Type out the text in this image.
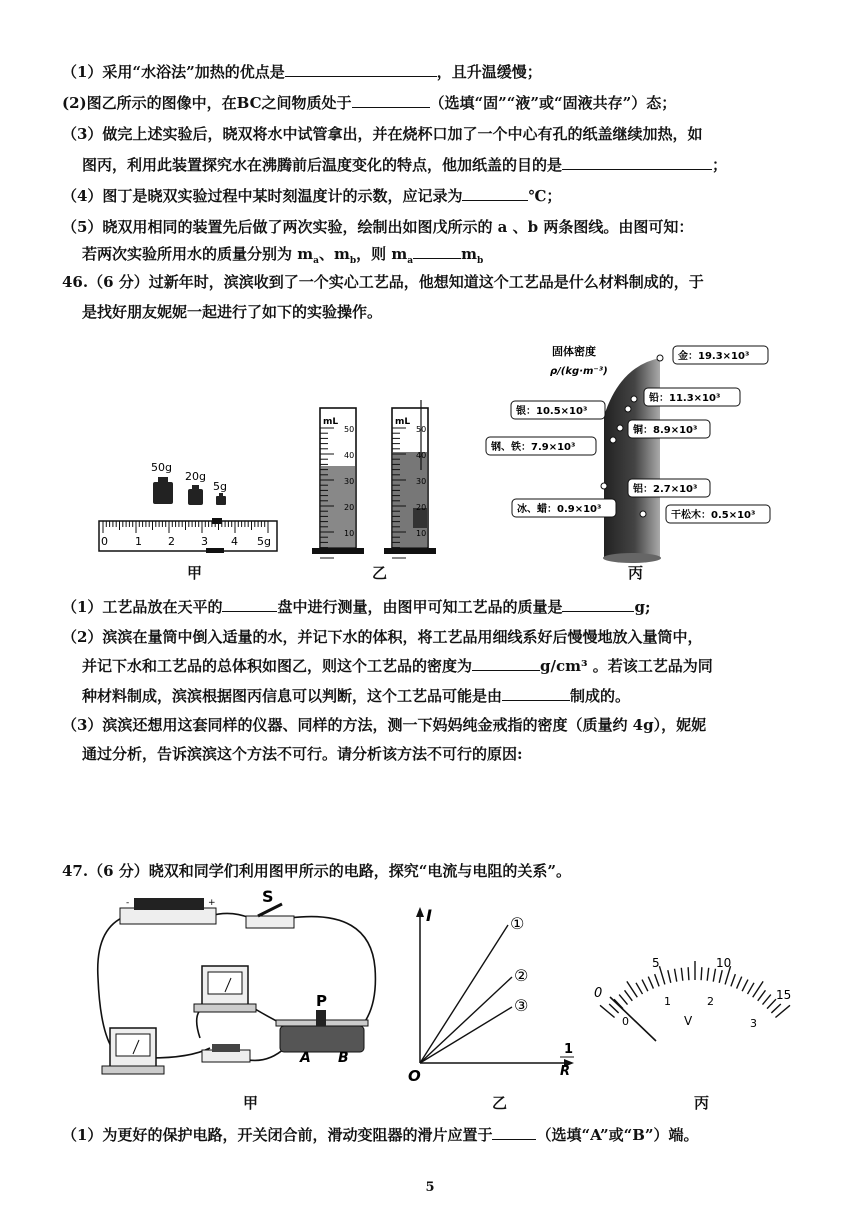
（1）采用“水浴法”加热的优点是	，且升温缓慢；
(2)图乙所示的图像中，在BC之间物质处于	（选填“固”“液”或“固液共存”）态；
（3）做完上述实验后，晓双将水中试管拿出，并在烧杯口加了一个中心有孔的纸盖继续加热，如
图丙，利用此装置探究水在沸腾前后温度变化的特点，他加纸盖的目的是	；
（4）图丁是晓双实验过程中某时刻温度计的示数，应记录为	℃；
（5）晓双用相同的装置先后做了两次实验，绘制出如图戊所示的 a 、b 两条图线。由图可知：
若两次实验所用水的质量分别为 $m_a$、$m_b$，则 $m_a$	$m_b$
46.（6 分）过新年时，滨滨收到了一个实心工艺品，他想知道这个工艺品是什么材料制成的，于
是找好朋友妮妮一起进行了如下的实验操作。
50g
20g
5g
0 1 2 3 4 5g
甲
mL	mL
50
40
30
20
10
50
40
30
20
10
乙
固体密度
ρ/(kg·m⁻³)
金：19.3×10³
铅：11.3×10³
银：10.5×10³
铜：8.9×10³
钢、铁：7.9×10³
铝：2.7×10³
冰、蜡：0.9×10³
干松木：0.5×10³
丙
（1）工艺品放在天平的	盘中进行测量，由图甲可知工艺品的质量是	g;
（2）滨滨在量筒中倒入适量的水，并记下水的体积，将工艺品用细线系好后慢慢地放入量筒中，
并记下水和工艺品的总体积如图乙，则这个工艺品的密度为	g/cm³ 。若该工艺品为同
种材料制成，滨滨根据图丙信息可以判断，这个工艺品可能是由	制成的。
（3）滨滨还想用这套同样的仪器、同样的方法，测一下妈妈纯金戒指的密度（质量约 4g），妮妮
通过分析，告诉滨滨这个方法不可行。请分析该方法不可行的原因:
47.（6 分）晓双和同学们利用图甲所示的电路，探究“电流与电阻的关系”。
-	+	S
P
A B
甲
I
O
1
R
①
②
③
乙
0
5	10
15
0
1	2
3
V
丙
（1）为更好的保护电路，开关闭合前，滑动变阻器的滑片应置于	（选填“A”或“B”）端。
5
